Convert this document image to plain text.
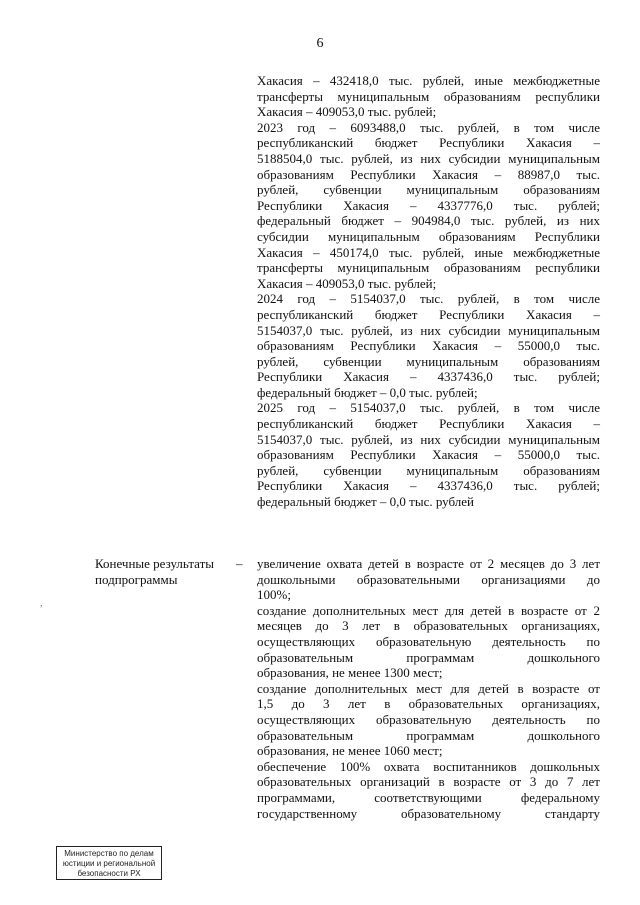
6
Хакасия – 432418,0 тыс. рублей, иные межбюджетные
трансферты муниципальным образованиям республики
Хакасия – 409053,0 тыс. рублей;
2023 год – 6093488,0 тыс. рублей, в том числе
республиканский бюджет Республики Хакасия –
5188504,0 тыс. рублей, из них субсидии муниципальным
образованиям Республики Хакасия – 88987,0 тыс.
рублей, субвенции муниципальным образованиям
Республики Хакасия – 4337776,0 тыс. рублей;
федеральный бюджет – 904984,0 тыс. рублей, из них
субсидии муниципальным образованиям Республики
Хакасия – 450174,0 тыс. рублей, иные межбюджетные
трансферты муниципальным образованиям республики
Хакасия – 409053,0 тыс. рублей;
2024 год – 5154037,0 тыс. рублей, в том числе
республиканский бюджет Республики Хакасия –
5154037,0 тыс. рублей, из них субсидии муниципальным
образованиям Республики Хакасия – 55000,0 тыс.
рублей, субвенции муниципальным образованиям
Республики Хакасия – 4337436,0 тыс. рублей;
федеральный бюджет – 0,0 тыс. рублей;
2025 год – 5154037,0 тыс. рублей, в том числе
республиканский бюджет Республики Хакасия –
5154037,0 тыс. рублей, из них субсидии муниципальным
образованиям Республики Хакасия – 55000,0 тыс.
рублей, субвенции муниципальным образованиям
Республики Хакасия – 4337436,0 тыс. рублей;
федеральный бюджет – 0,0 тыс. рублей
Конечные результаты
подпрограммы
– увеличение охвата детей в возрасте от 2 месяцев до 3 лет
дошкольными образовательными организациями до
100%;
создание дополнительных мест для детей в возрасте от 2
месяцев до 3 лет в образовательных организациях,
осуществляющих образовательную деятельность по
образовательным программам дошкольного
образования, не менее 1300 мест;
создание дополнительных мест для детей в возрасте от
1,5 до 3 лет в образовательных организациях,
осуществляющих образовательную деятельность по
образовательным программам дошкольного
образования, не менее 1060 мест;
обеспечение 100% охвата воспитанников дошкольных
образовательных организаций в возрасте от 3 до 7 лет
программами, соответствующими федеральному
государственному образовательному стандарту
,
Министерство по делам
юстиции и региональной
безопасности РХ
